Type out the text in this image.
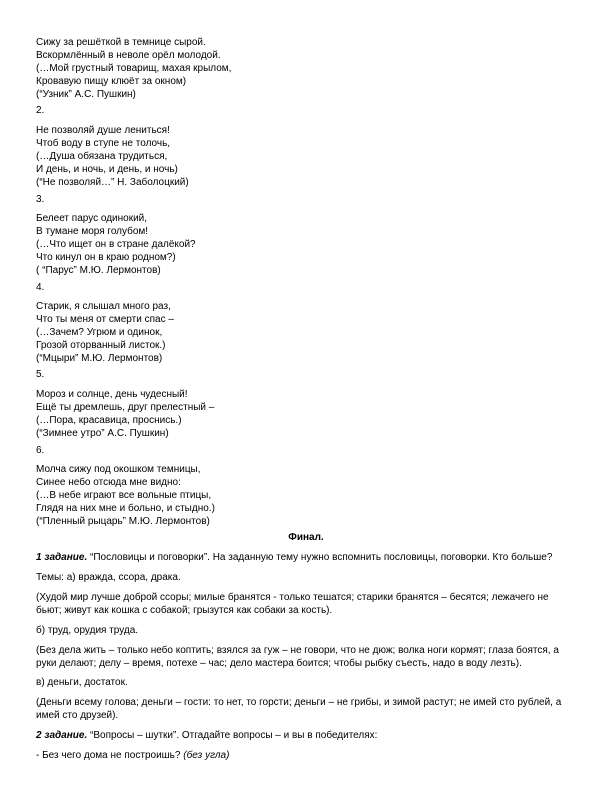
Сижу за решёткой в темнице сырой.

Вскормлённый в неволе орёл молодой.

(…Мой грустный товарищ, махая крылом,

Кровавую пищу клюёт за окном)

(“Узник” А.С. Пушкин)

2.

Не позволяй душе лениться!

Чтоб воду в ступе не толочь,

(…Душа обязана трудиться,

И день, и ночь, и день, и ночь)

(“Не позволяй…” Н. Заболоцкий)

3.

Белеет парус одинокий,

В тумане моря голубом!

(…Что ищет он в стране далёкой?

Что кинул он в краю родном?)

( “Парус” М.Ю. Лермонтов)

4.

Старик, я слышал много раз,

Что ты меня от смерти спас –

(…Зачем? Угрюм и одинок,

Грозой оторванный листок.)

(“Мцыри” М.Ю. Лермонтов)

5.

Мороз и солнце, день чудесный!

Ещё ты дремлешь, друг прелестный –

(…Пора, красавица, проснись.)

(“Зимнее утро” А.С. Пушкин)

6.

Молча сижу под окошком темницы,

Синее небо отсюда мне видно:

(…В небе играют все вольные птицы,

Глядя на них мне и больно, и стыдно.)

(“Пленный рыцарь” М.Ю. Лермонтов)

Финал.

1 задание. “Пословицы и поговорки”. На заданную тему нужно вспомнить пословицы, поговорки. Кто больше?

Темы: а) вражда, ссора, драка.

(Худой мир лучше доброй ссоры; милые бранятся - только тешатся; старики бранятся – бесятся; лежачего не бьют; живут как кошка с собакой; грызутся как собаки за кость).

б) труд, орудия труда.

(Без дела жить – только небо коптить; взялся за гуж – не говори, что не дюж; волка ноги кормят; глаза боятся, а руки делают; делу – время, потехе – час; дело мастера боится; чтобы рыбку съесть, надо в воду лезть).

в) деньги, достаток.

(Деньги всему голова; деньги – гости: то нет, то горсти; деньги – не грибы, и зимой растут; не имей сто рублей, а имей сто друзей).

2 задание. “Вопросы – шутки”. Отгадайте вопросы – и вы в победителях:

- Без чего дома не построишь? (без угла)
